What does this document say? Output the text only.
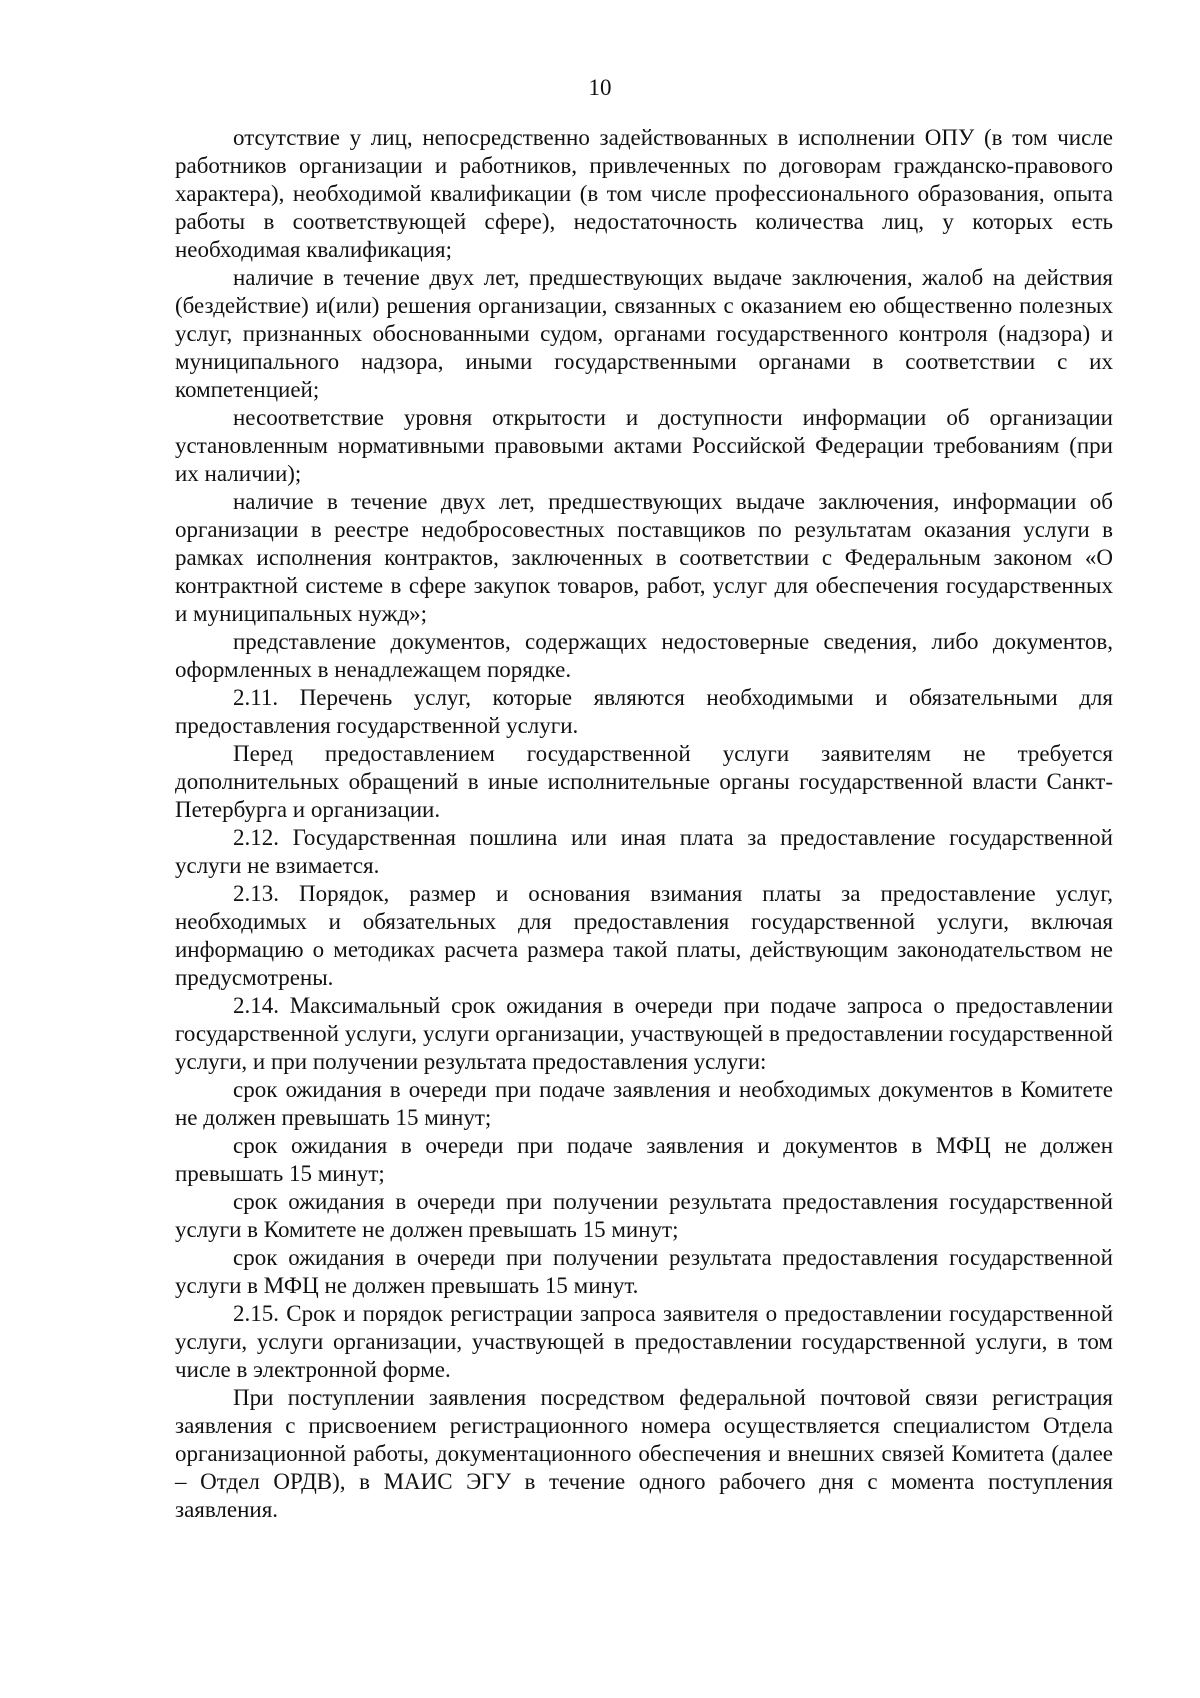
10

отсутствие у лиц, непосредственно задействованных в исполнении ОПУ (в том числе работников организации и работников, привлеченных по договорам гражданско-правового характера), необходимой квалификации (в том числе профессионального образования, опыта работы в соответствующей сфере), недостаточность количества лиц, у которых есть необходимая квалификация;

наличие в течение двух лет, предшествующих выдаче заключения, жалоб на действия (бездействие) и(или) решения организации, связанных с оказанием ею общественно полезных услуг, признанных обоснованными судом, органами государственного контроля (надзора) и муниципального надзора, иными государственными органами в соответствии с их компетенцией;

несоответствие уровня открытости и доступности информации об организации установленным нормативными правовыми актами Российской Федерации требованиям (при их наличии);

наличие в течение двух лет, предшествующих выдаче заключения, информации об организации в реестре недобросовестных поставщиков по результатам оказания услуги в рамках исполнения контрактов, заключенных в соответствии с Федеральным законом «О контрактной системе в сфере закупок товаров, работ, услуг для обеспечения государственных и муниципальных нужд»;

представление документов, содержащих недостоверные сведения, либо документов, оформленных в ненадлежащем порядке.

2.11. Перечень услуг, которые являются необходимыми и обязательными для предоставления государственной услуги.

Перед предоставлением государственной услуги заявителям не требуется дополнительных обращений в иные исполнительные органы государственной власти Санкт-Петербурга и организации.

2.12. Государственная пошлина или иная плата за предоставление государственной услуги не взимается.

2.13. Порядок, размер и основания взимания платы за предоставление услуг, необходимых и обязательных для предоставления государственной услуги, включая информацию о методиках расчета размера такой платы, действующим законодательством не предусмотрены.

2.14. Максимальный срок ожидания в очереди при подаче запроса о предоставлении государственной услуги, услуги организации, участвующей в предоставлении государственной услуги, и при получении результата предоставления услуги:

срок ожидания в очереди при подаче заявления и необходимых документов в Комитете не должен превышать 15 минут;

срок ожидания в очереди при подаче заявления и документов в МФЦ не должен превышать 15 минут;

срок ожидания в очереди при получении результата предоставления государственной услуги в Комитете не должен превышать 15 минут;

срок ожидания в очереди при получении результата предоставления государственной услуги в МФЦ не должен превышать 15 минут.

2.15. Срок и порядок регистрации запроса заявителя о предоставлении государственной услуги, услуги организации, участвующей в предоставлении государственной услуги, в том числе в электронной форме.

При поступлении заявления посредством федеральной почтовой связи регистрация заявления с присвоением регистрационного номера осуществляется специалистом Отдела организационной работы, документационного обеспечения и внешних связей Комитета (далее – Отдел ОРДВ), в МАИС ЭГУ в течение одного рабочего дня с момента поступления заявления.
